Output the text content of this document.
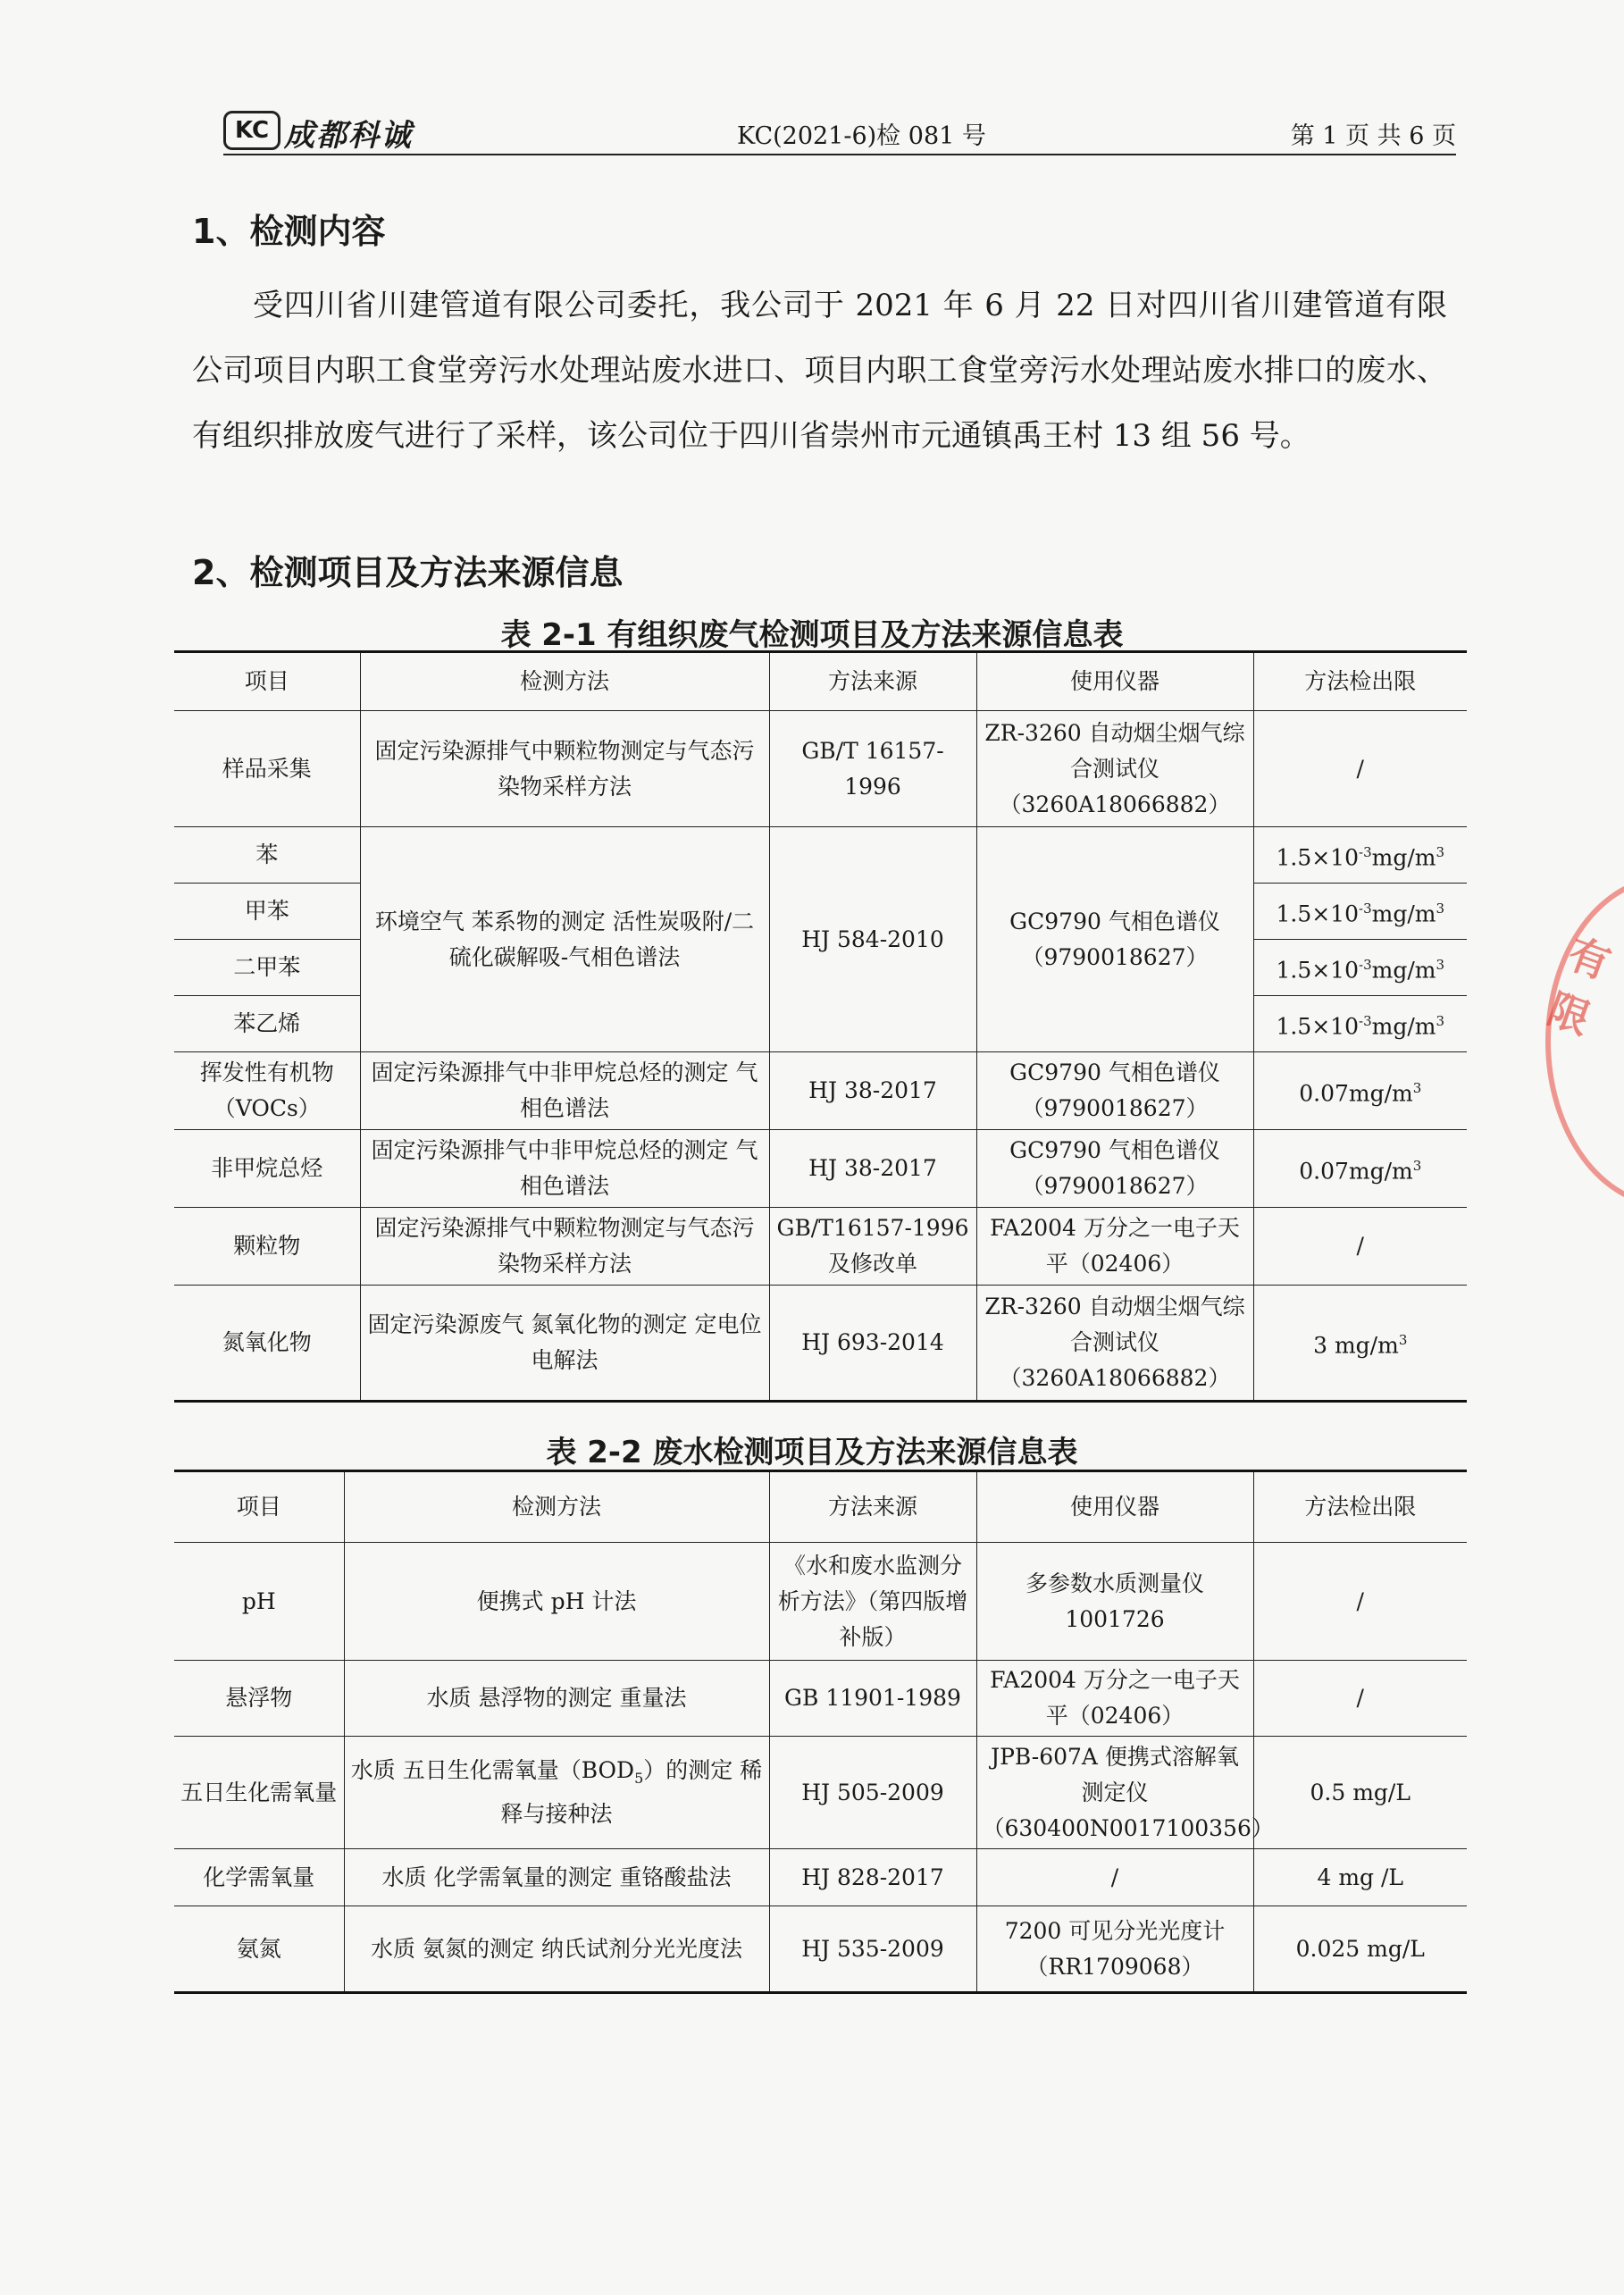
KC 成都科诚	KC(2021-6)检 081 号	第 1 页 共 6 页
1、检测内容
受四川省川建管道有限公司委托，我公司于 2021 年 6 月 22 日对四川省川建管道有限公司项目内职工食堂旁污水处理站废水进口、项目内职工食堂旁污水处理站废水排口的废水、有组织排放废气进行了采样，该公司位于四川省崇州市元通镇禹王村 13 组 56 号。
2、检测项目及方法来源信息
表 2-1 有组织废气检测项目及方法来源信息表
项目	检测方法	方法来源	使用仪器	方法检出限
样品采集	固定污染源排气中颗粒物测定与气态污染物采样方法	GB/T 16157-1996	ZR-3260 自动烟尘烟气综合测试仪（3260A18066882）	/
苯	环境空气 苯系物的测定 活性炭吸附/二硫化碳解吸-气相色谱法	HJ 584-2010	GC9790 气相色谱仪（9790018627）	$1.5\times 10^{-3}mg/m^3$
甲苯				$1.5\times 10^{-3}mg/m^3$
二甲苯				$1.5\times 10^{-3}mg/m^3$
苯乙烯				$1.5\times 10^{-3}mg/m^3$
挥发性有机物（VOCs）	固定污染源排气中非甲烷总烃的测定 气相色谱法	HJ 38-2017	GC9790 气相色谱仪（9790018627）	$0.07mg/m^3$
非甲烷总烃	固定污染源排气中非甲烷总烃的测定 气相色谱法	HJ 38-2017	GC9790 气相色谱仪（9790018627）	$0.07mg/m^3$
颗粒物	固定污染源排气中颗粒物测定与气态污染物采样方法	GB/T16157-1996 及修改单	FA2004 万分之一电子天平（02406）	/
氮氧化物	固定污染源废气 氮氧化物的测定 定电位电解法	HJ 693-2014	ZR-3260 自动烟尘烟气综合测试仪（3260A18066882）	3 $mg/m^3$
表 2-2 废水检测项目及方法来源信息表
项目	检测方法	方法来源	使用仪器	方法检出限
pH	便携式 pH 计法	《水和废水监测分析方法》（第四版增补版）	多参数水质测量仪 1001726	/
悬浮物	水质 悬浮物的测定 重量法	GB 11901-1989	FA2004 万分之一电子天平（02406）	/
五日生化需氧量	水质 五日生化需氧量$(BOD_5)$的测定 稀释与接种法	HJ 505-2009	JPB-607A 便携式溶解氧测定仪（630400N0017100356）	0.5 mg/L
化学需氧量	水质 化学需氧量的测定 重铬酸盐法	HJ 828-2017	/	4 mg /L
氨氮	水质 氨氮的测定 纳氏试剂分光光度法	HJ 535-2009	7200 可见分光光度计（RR1709068）	0.025 mg/L
有限
